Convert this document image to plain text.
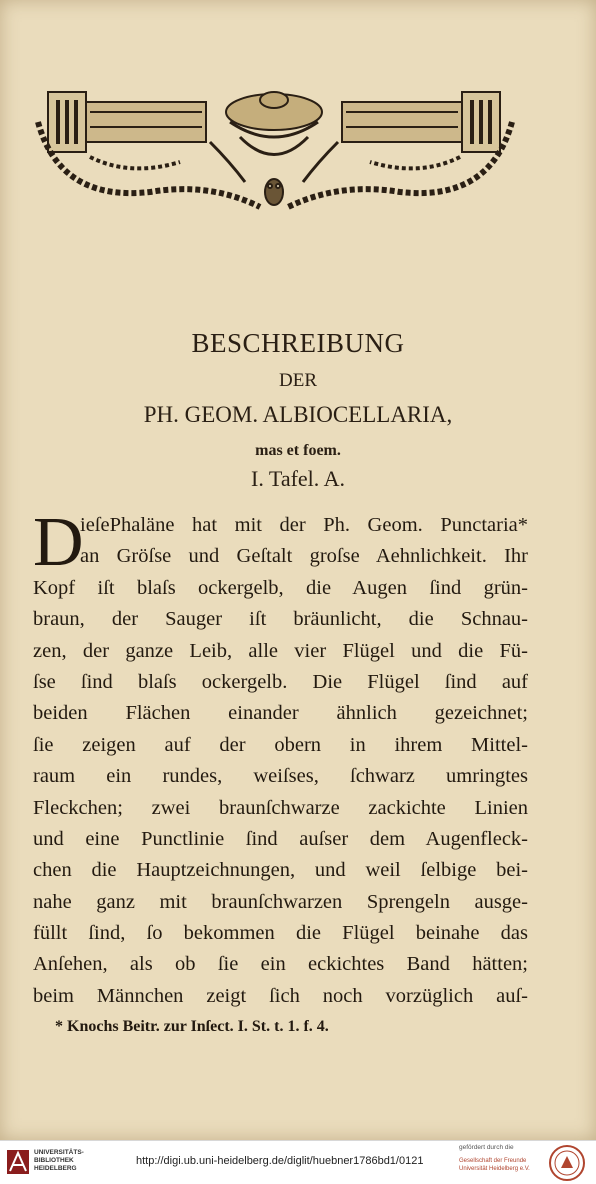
BESCHREIBUNG
DER
PH. GEOM. ALBIOCELLARIA,
mas et foem.
I. Tafel. A.
D
ieſePhaläne hat mit der Ph. Geom. Punctaria*
an Gröſse und Geſtalt groſse Aehnlichkeit. Ihr
Kopf iſt blaſs ockergelb, die Augen ſind grün-
braun, der Sauger iſt bräunlicht, die Schnau-
zen, der ganze Leib, alle vier Flügel und die Fü-
ſse ſind blaſs ockergelb. Die Flügel ſind auf
beiden Flächen einander ähnlich gezeichnet;
ſie zeigen auf der obern in ihrem Mittel-
raum ein rundes, weiſses, ſchwarz umringtes
Fleckchen; zwei braunſchwarze zackichte Linien
und eine Punctlinie ſind auſser dem Augenfleck-
chen die Hauptzeichnungen, und weil ſelbige bei-
nahe ganz mit braunſchwarzen Sprengeln ausge-
füllt ſind, ſo bekommen die Flügel beinahe das
Anſehen, als ob ſie ein eckichtes Band hätten;
beim Männchen zeigt ſich noch vorzüglich auſ-
* Knochs Beitr. zur Inſect. I. St. t. 1. f. 4.
UNIVERSITÄTS-
BIBLIOTHEK
HEIDELBERG
http://digi.ub.uni-heidelberg.de/diglit/huebner1786bd1/0121
gefördert durch die
Gesellschaft der Freunde
Universität Heidelberg e.V.
